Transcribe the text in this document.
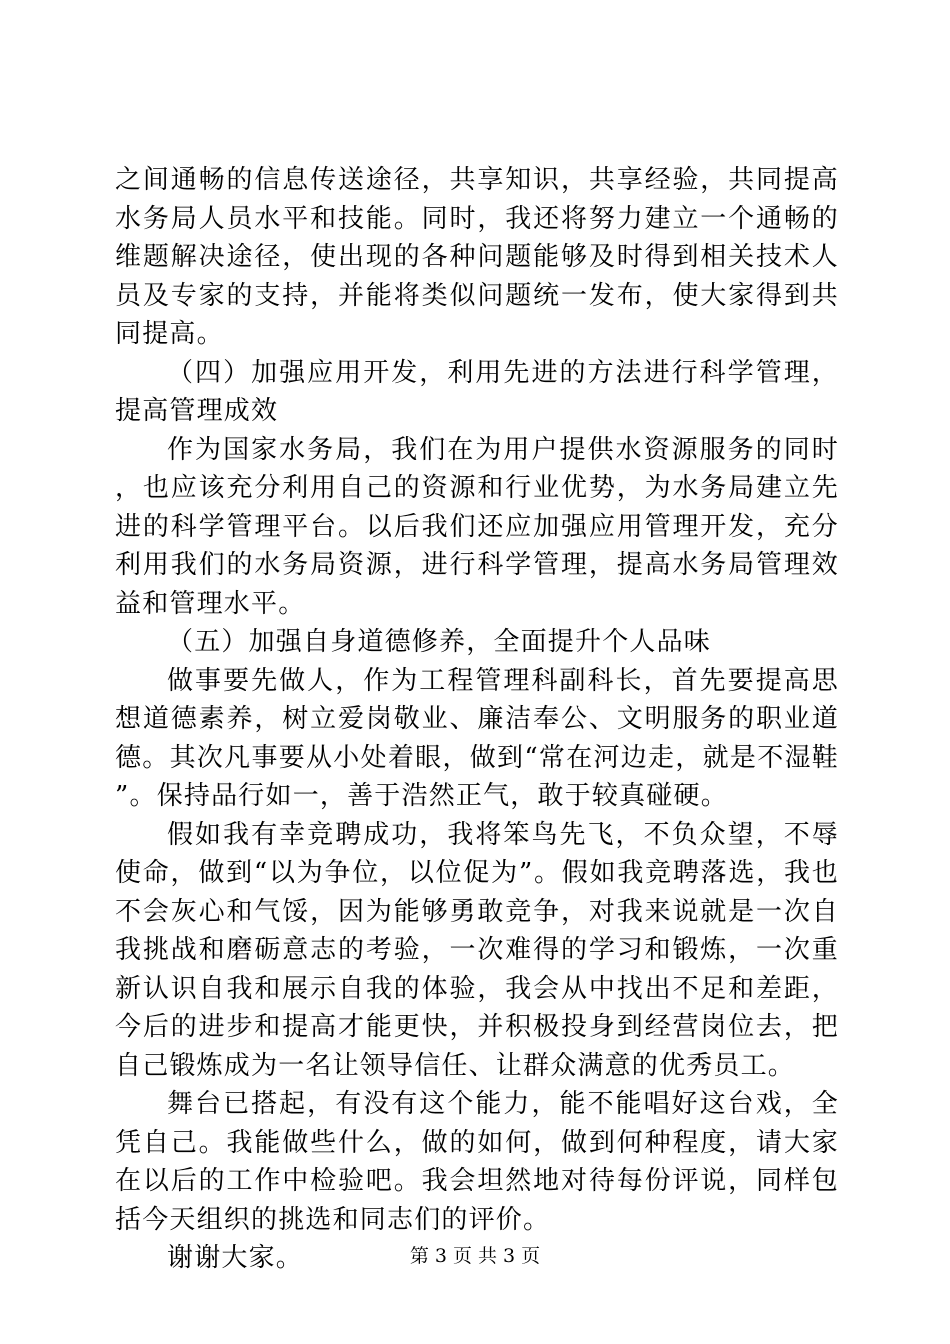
之间通畅的信息传送途径，共享知识，共享经验，共同提高水务局人员水平和技能。同时，我还将努力建立一个通畅的维题解决途径，使出现的各种问题能够及时得到相关技术人员及专家的支持，并能将类似问题统一发布，使大家得到共同提高。

（四）加强应用开发，利用先进的方法进行科学管理，提高管理成效

作为国家水务局，我们在为用户提供水资源服务的同时，也应该充分利用自己的资源和行业优势，为水务局建立先进的科学管理平台。以后我们还应加强应用管理开发，充分利用我们的水务局资源，进行科学管理，提高水务局管理效益和管理水平。

（五）加强自身道德修养，全面提升个人品味

做事要先做人，作为工程管理科副科长，首先要提高思想道德素养，树立爱岗敬业、廉洁奉公、文明服务的职业道德。其次凡事要从小处着眼，做到“常在河边走，就是不湿鞋”。保持品行如一，善于浩然正气，敢于较真碰硬。

假如我有幸竞聘成功，我将笨鸟先飞，不负众望，不辱使命，做到“以为争位，以位促为”。假如我竞聘落选，我也不会灰心和气馁，因为能够勇敢竞争，对我来说就是一次自我挑战和磨砺意志的考验，一次难得的学习和锻炼，一次重新认识自我和展示自我的体验，我会从中找出不足和差距，今后的进步和提高才能更快，并积极投身到经营岗位去，把自己锻炼成为一名让领导信任、让群众满意的优秀员工。

舞台已搭起，有没有这个能力，能不能唱好这台戏，全凭自己。我能做些什么，做的如何，做到何种程度，请大家在以后的工作中检验吧。我会坦然地对待每份评说，同样包括今天组织的挑选和同志们的评价。

谢谢大家。	第 3 页 共 3 页
